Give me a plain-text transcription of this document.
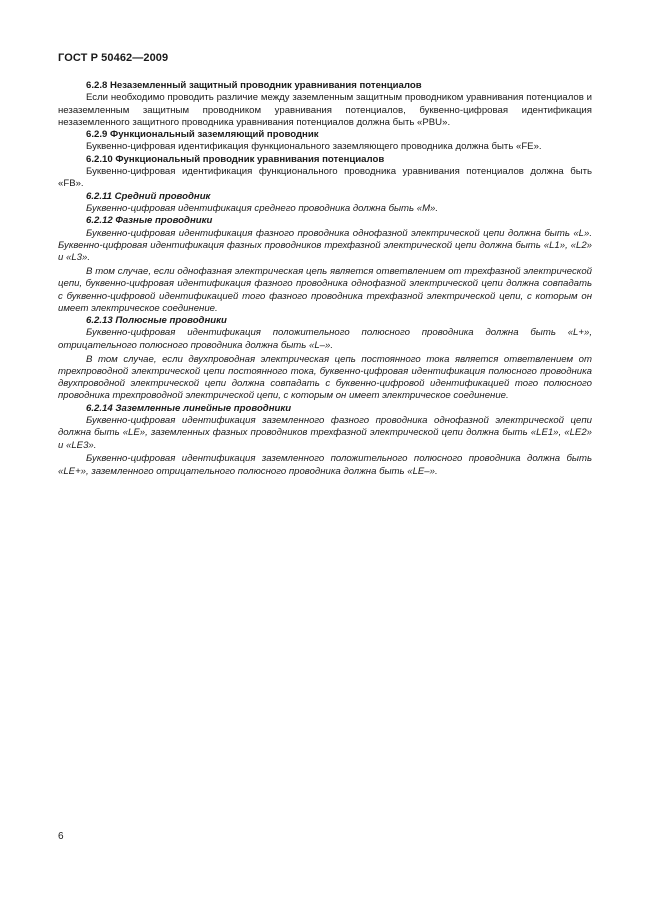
ГОСТ Р 50462—2009

6.2.8 Незаземленный защитный проводник уравнивания потенциалов

Если необходимо проводить различие между заземленным защитным проводником уравнивания потенциалов и незаземленным защитным проводником уравнивания потенциалов, буквенно-цифровая идентификация незаземленного защитного проводника уравнивания потенциалов должна быть «PBU».

6.2.9 Функциональный заземляющий проводник

Буквенно-цифровая идентификация функционального заземляющего проводника должна быть «FE».

6.2.10 Функциональный проводник уравнивания потенциалов

Буквенно-цифровая идентификация функционального проводника уравнивания потенциалов должна быть «FB».

6.2.11 Средний проводник

Буквенно-цифровая идентификация среднего проводника должна быть «M».

6.2.12 Фазные проводники

Буквенно-цифровая идентификация фазного проводника однофазной электрической цепи должна быть «L». Буквенно-цифровая идентификация фазных проводников трехфазной электрической цепи должна быть «L1», «L2» и «L3».

В том случае, если однофазная электрическая цепь является ответвлением от трехфазной электрической цепи, буквенно-цифровая идентификация фазного проводника однофазной электрической цепи должна совпадать с буквенно-цифровой идентификацией того фазного проводника трехфазной электрической цепи, с которым он имеет электрическое соединение.

6.2.13 Полюсные проводники

Буквенно-цифровая идентификация положительного полюсного проводника должна быть «L+», отрицательного полюсного проводника должна быть «L–».

В том случае, если двухпроводная электрическая цепь постоянного тока является ответвлением от трехпроводной электрической цепи постоянного тока, буквенно-цифровая идентификация полюсного проводника двухпроводной электрической цепи должна совпадать с буквенно-цифровой идентификацией того полюсного проводника трехпроводной электрической цепи, с которым он имеет электрическое соединение.

6.2.14 Заземленные линейные проводники

Буквенно-цифровая идентификация заземленного фазного проводника однофазной электрической цепи должна быть «LE», заземленных фазных проводников трехфазной электрической цепи должна быть «LE1», «LE2» и «LE3».

Буквенно-цифровая идентификация заземленного положительного полюсного проводника должна быть «LE+», заземленного отрицательного полюсного проводника должна быть «LE–».

6
